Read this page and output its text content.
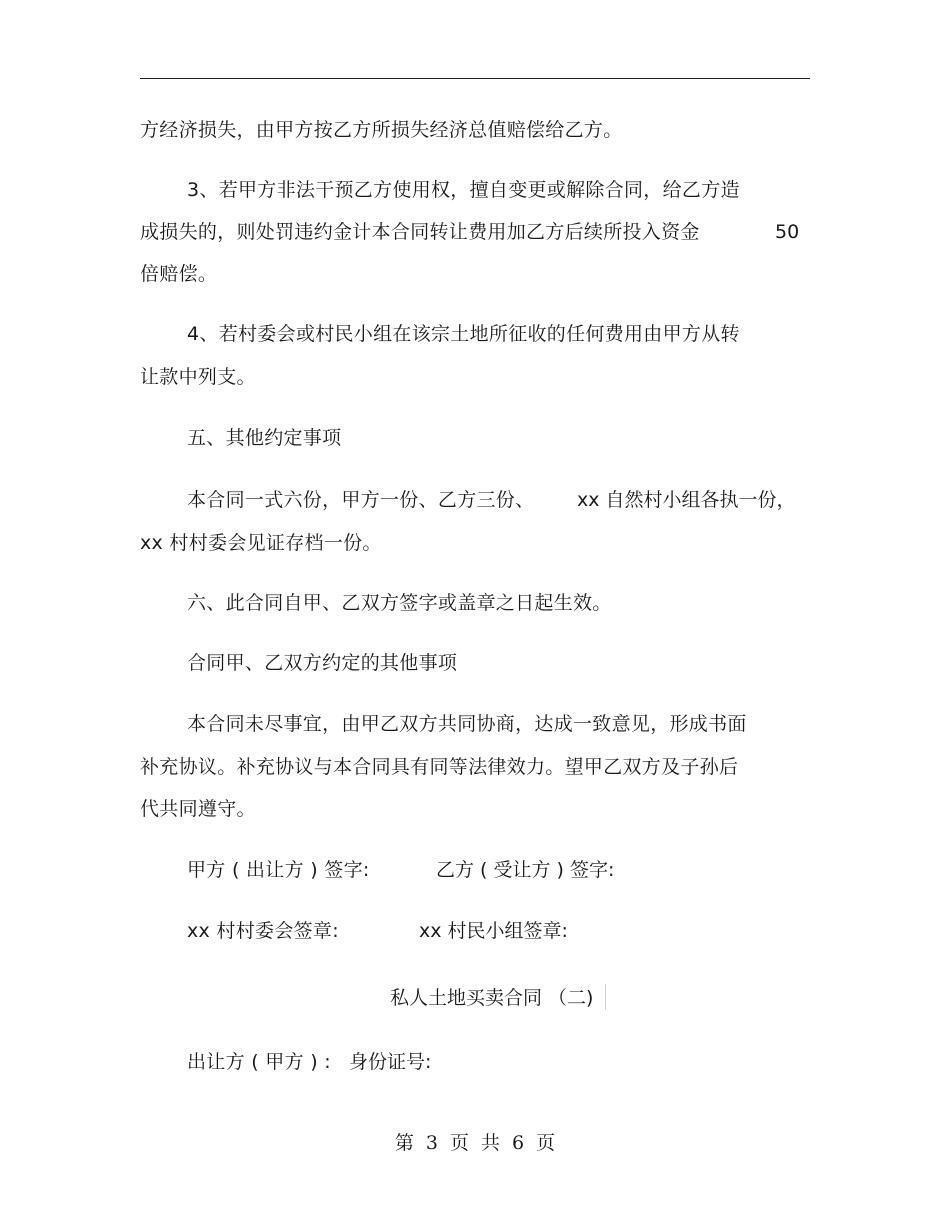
方经济损失，由甲方按乙方所损失经济总值赔偿给乙方。
3、若甲方非法干预乙方使用权，擅自变更或解除合同，给乙方造
成损失的，则处罚违约金计本合同转让费用加乙方后续所投入资金	50
倍赔偿。
4、若村委会或村民小组在该宗土地所征收的任何费用由甲方从转
让款中列支。
五、其他约定事项
本合同一式六份，甲方一份、乙方三份、 xx 自然村小组各执一份，
xx 村村委会见证存档一份。
六、此合同自甲、乙双方签字或盖章之日起生效。
合同甲、乙双方约定的其他事项
本合同未尽事宜，由甲乙双方共同协商，达成一致意见，形成书面
补充协议。补充协议与本合同具有同等法律效力。望甲乙双方及子孙后
代共同遵守。
甲方 ( 出让方 ) 签字:	乙方 ( 受让方 ) 签字:
xx 村村委会签章:	xx 村民小组签章:
私人土地买卖合同 （二)
出让方 ( 甲方 ) : 身份证号:
第 3 页 共 6 页
